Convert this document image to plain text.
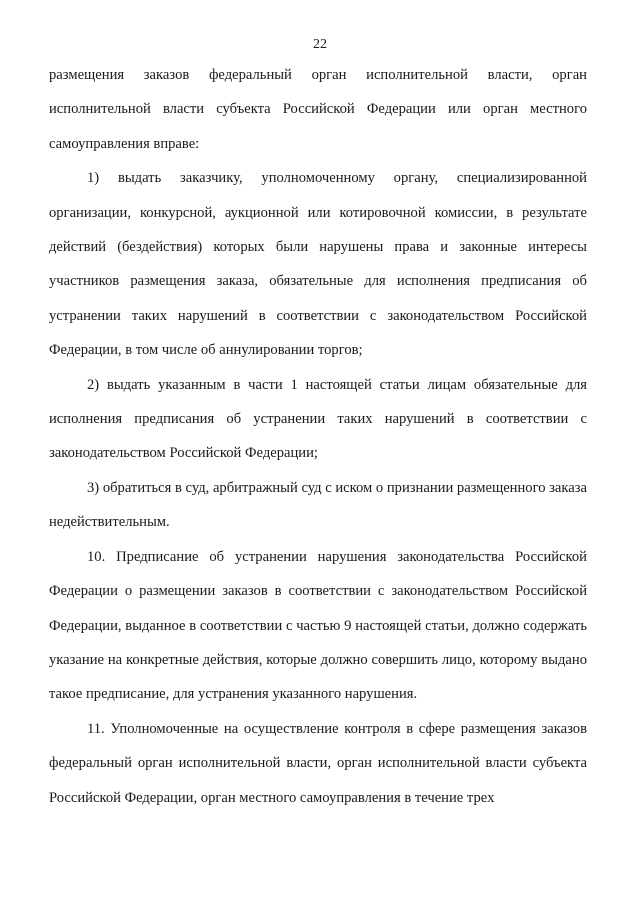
22

размещения заказов федеральный орган исполнительной власти, орган исполнительной власти субъекта Российской Федерации или орган местного самоуправления вправе:

1) выдать заказчику, уполномоченному органу, специализированной организации, конкурсной, аукционной или котировочной комиссии, в результате действий (бездействия) которых были нарушены права и законные интересы участников размещения заказа, обязательные для исполнения предписания об устранении таких нарушений в соответствии с законодательством Российской Федерации, в том числе об аннулировании торгов;

2) выдать указанным в части 1 настоящей статьи лицам обязательные для исполнения предписания об устранении таких нарушений в соответствии с законодательством Российской Федерации;

3) обратиться в суд, арбитражный суд с иском о признании размещенного заказа недействительным.

10. Предписание об устранении нарушения законодательства Российской Федерации о размещении заказов в соответствии с законодательством Российской Федерации, выданное в соответствии с частью 9 настоящей статьи, должно содержать указание на конкретные действия, которые должно совершить лицо, которому выдано такое предписание, для устранения указанного нарушения.

11. Уполномоченные на осуществление контроля в сфере размещения заказов федеральный орган исполнительной власти, орган исполнительной власти субъекта Российской Федерации, орган местного самоуправления в течение трех
